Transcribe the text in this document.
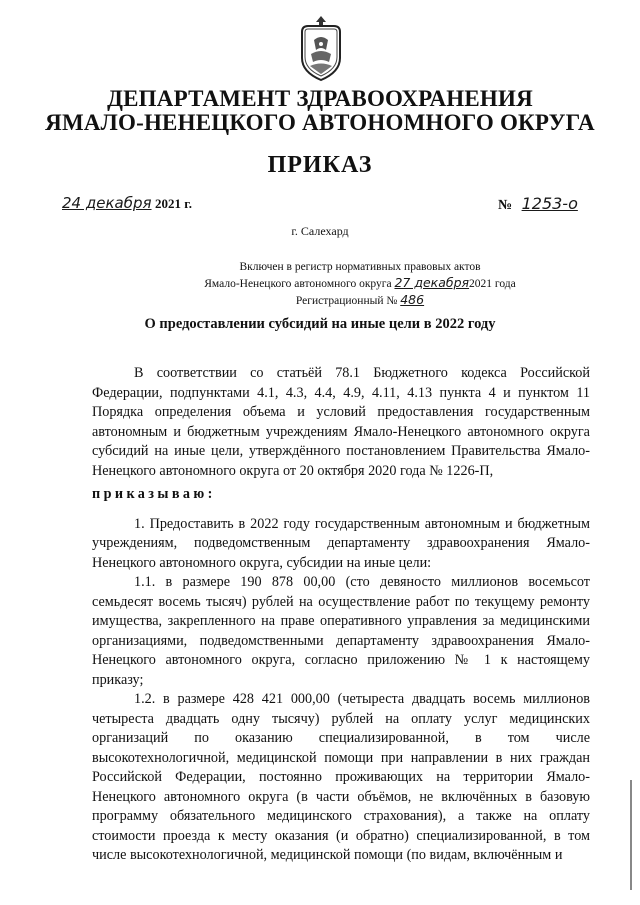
ДЕПАРТАМЕНТ ЗДРАВООХРАНЕНИЯ
ЯМАЛО-НЕНЕЦКОГО АВТОНОМНОГО ОКРУГА
ПРИКАЗ
24 декабря 2021 г.	№ 1253-о
г. Салехард
Включен в регистр нормативных правовых актов
Ямало-Ненецкого автономного округа 27 декабря2021 года
Регистрационный № 486
О предоставлении субсидий на иные цели в 2022 году

В соответствии со статьёй 78.1 Бюджетного кодекса Российской Федерации, подпунктами 4.1, 4.3, 4.4, 4.9, 4.11, 4.13 пункта 4 и пунктом 11 Порядка определения объема и условий предоставления государственным автономным и бюджетным учреждениям Ямало-Ненецкого автономного округа субсидий на иные цели, утверждённого постановлением Правительства Ямало-Ненецкого автономного округа от 20 октября 2020 года № 1226-П,

приказываю:

1. Предоставить в 2022 году государственным автономным и бюджетным учреждениям, подведомственным департаменту здравоохранения Ямало-Ненецкого автономного округа, субсидии на иные цели:

1.1. в размере 190 878 00,00 (сто девяносто миллионов восемьсот семьдесят восемь тысяч) рублей на осуществление работ по текущему ремонту имущества, закрепленного на праве оперативного управления за медицинскими организациями, подведомственными департаменту здравоохранения Ямало-Ненецкого автономного округа, согласно приложению № 1 к настоящему приказу;

1.2. в размере 428 421 000,00 (четыреста двадцать восемь миллионов четыреста двадцать одну тысячу) рублей на оплату услуг медицинских организаций по оказанию специализированной, в том числе высокотехнологичной, медицинской помощи при направлении в них граждан Российской Федерации, постоянно проживающих на территории Ямало-Ненецкого автономного округа (в части объёмов, не включённых в базовую программу обязательного медицинского страхования), а также на оплату стоимости проезда к месту оказания (и обратно) специализированной, в том числе высокотехнологичной, медицинской помощи (по видам, включённым и
